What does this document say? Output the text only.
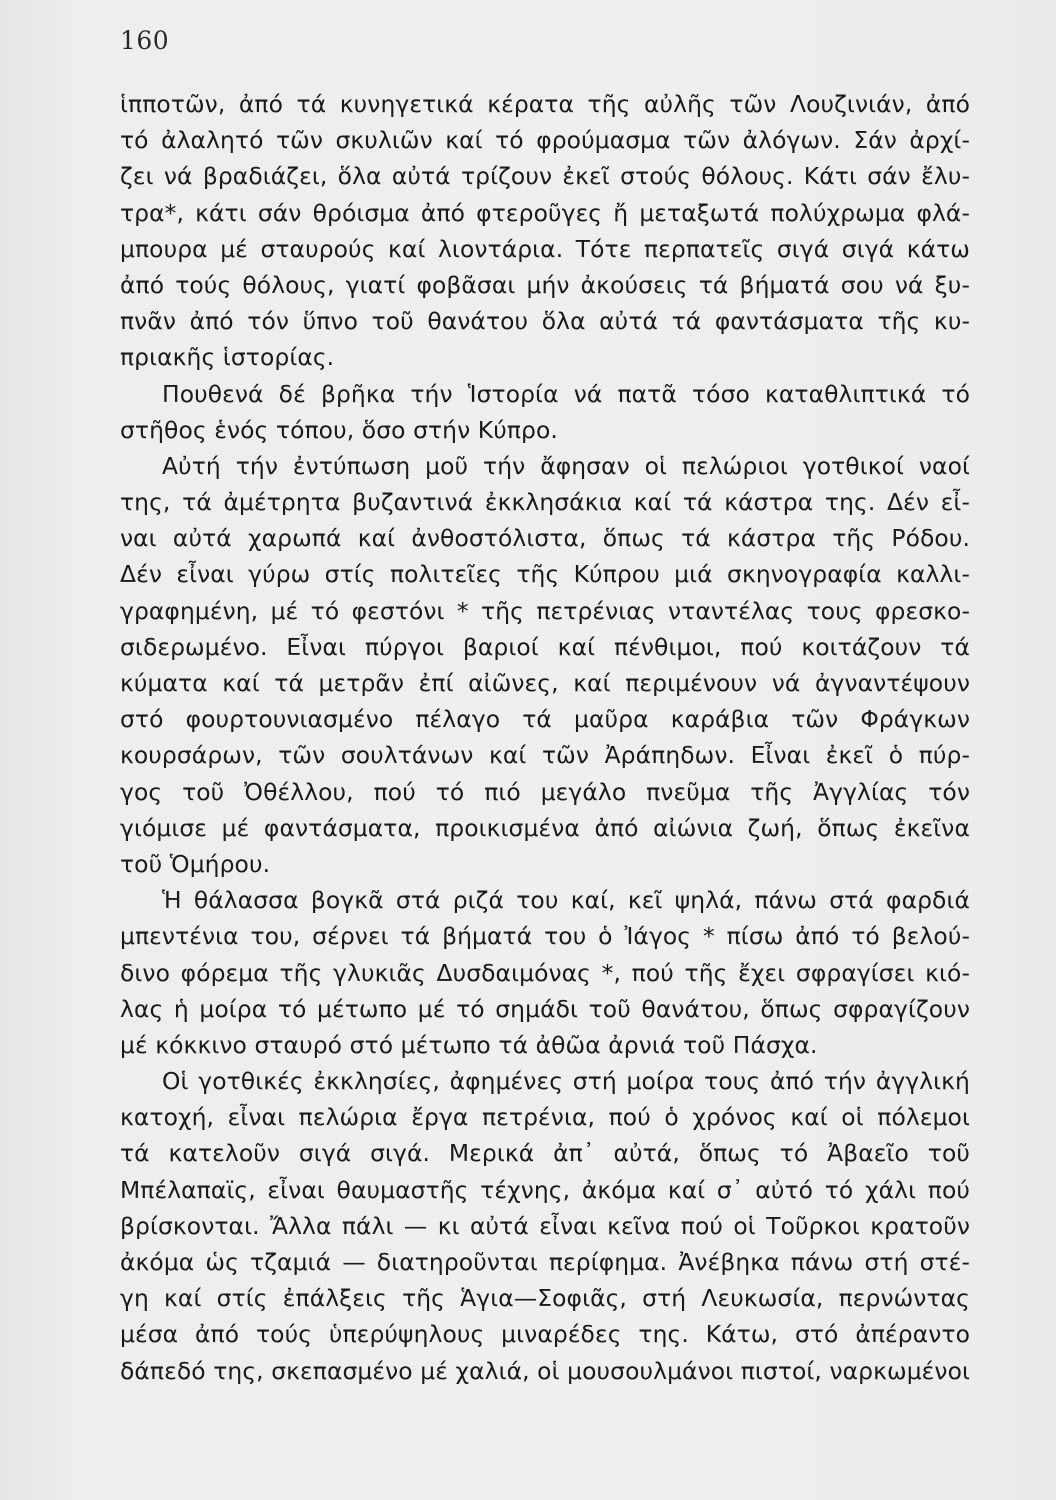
160
ἱπποτῶν, ἀπό τά κυνηγετικά κέρατα τῆς αὐλῆς τῶν Λουζινιάν, ἀπό
τό ἀλαλητό τῶν σκυλιῶν καί τό φρούμασμα τῶν ἀλόγων. Σάν ἀρχί-
ζει νά βραδιάζει, ὅλα αὐτά τρίζουν ἐκεῖ στούς θόλους. Κάτι σάν ἔλυ-
τρα*, κάτι σάν θρόισμα ἀπό φτεροῦγες ἤ μεταξωτά πολύχρωμα φλά-
μπουρα μέ σταυρούς καί λιοντάρια. Τότε περπατεῖς σιγά σιγά κάτω
ἀπό τούς θόλους, γιατί φοβᾶσαι μήν ἀκούσεις τά βήματά σου νά ξυ-
πνᾶν ἀπό τόν ὕπνο τοῦ θανάτου ὅλα αὐτά τά φαντάσματα τῆς κυ-
πριακῆς ἱστορίας.
Πουθενά δέ βρῆκα τήν Ἱστορία νά πατᾶ τόσο καταθλιπτικά τό
στῆθος ἑνός τόπου, ὅσο στήν Κύπρο.
Αὐτή τήν ἐντύπωση μοῦ τήν ἄφησαν οἱ πελώριοι γοτθικοί ναοί
της, τά ἀμέτρητα βυζαντινά ἐκκλησάκια καί τά κάστρα της. Δέν εἶ-
ναι αὐτά χαρωπά καί ἀνθοστόλιστα, ὅπως τά κάστρα τῆς Ρόδου.
Δέν εἶναι γύρω στίς πολιτεῖες τῆς Κύπρου μιά σκηνογραφία καλλι-
γραφημένη, μέ τό φεστόνι * τῆς πετρένιας νταντέλας τους φρεσκο-
σιδερωμένο. Εἶναι πύργοι βαριοί καί πένθιμοι, πού κοιτάζουν τά
κύματα καί τά μετρᾶν ἐπί αἰῶνες, καί περιμένουν νά ἀγναντέψουν
στό φουρτουνιασμένο πέλαγο τά μαῦρα καράβια τῶν Φράγκων
κουρσάρων, τῶν σουλτάνων καί τῶν Ἀράπηδων. Εἶναι ἐκεῖ ὁ πύρ-
γος τοῦ Ὀθέλλου, πού τό πιό μεγάλο πνεῦμα τῆς Ἀγγλίας τόν
γιόμισε μέ φαντάσματα, προικισμένα ἀπό αἰώνια ζωή, ὅπως ἐκεῖνα
τοῦ Ὁμήρου.
Ἡ θάλασσα βογκᾶ στά ριζά του καί, κεῖ ψηλά, πάνω στά φαρδιά
μπεντένια του, σέρνει τά βήματά του ὁ Ἰάγος * πίσω ἀπό τό βελού-
δινο φόρεμα τῆς γλυκιᾶς Δυσδαιμόνας *, πού τῆς ἔχει σφραγίσει κιό-
λας ἡ μοίρα τό μέτωπο μέ τό σημάδι τοῦ θανάτου, ὅπως σφραγίζουν
μέ κόκκινο σταυρό στό μέτωπο τά ἀθῶα ἀρνιά τοῦ Πάσχα.
Οἱ γοτθικές ἐκκλησίες, ἀφημένες στή μοίρα τους ἀπό τήν ἀγγλική
κατοχή, εἶναι πελώρια ἔργα πετρένια, πού ὁ χρόνος καί οἱ πόλεμοι
τά κατελοῦν σιγά σιγά. Μερικά ἀπ᾽ αὐτά, ὅπως τό Ἀβαεῖο τοῦ
Μπέλαπαϊς, εἶναι θαυμαστῆς τέχνης, ἀκόμα καί σ᾽ αὐτό τό χάλι πού
βρίσκονται. Ἄλλα πάλι — κι αὐτά εἶναι κεῖνα πού οἱ Τοῦρκοι κρατοῦν
ἀκόμα ὡς τζαμιά — διατηροῦνται περίφημα. Ἀνέβηκα πάνω στή στέ-
γη καί στίς ἐπάλξεις τῆς Ἁγια—Σοφιᾶς, στή Λευκωσία, περνώντας
μέσα ἀπό τούς ὑπερύψηλους μιναρέδες της. Κάτω, στό ἀπέραντο
δάπεδό της, σκεπασμένο μέ χαλιά, οἱ μουσουλμάνοι πιστοί, ναρκωμένοι
